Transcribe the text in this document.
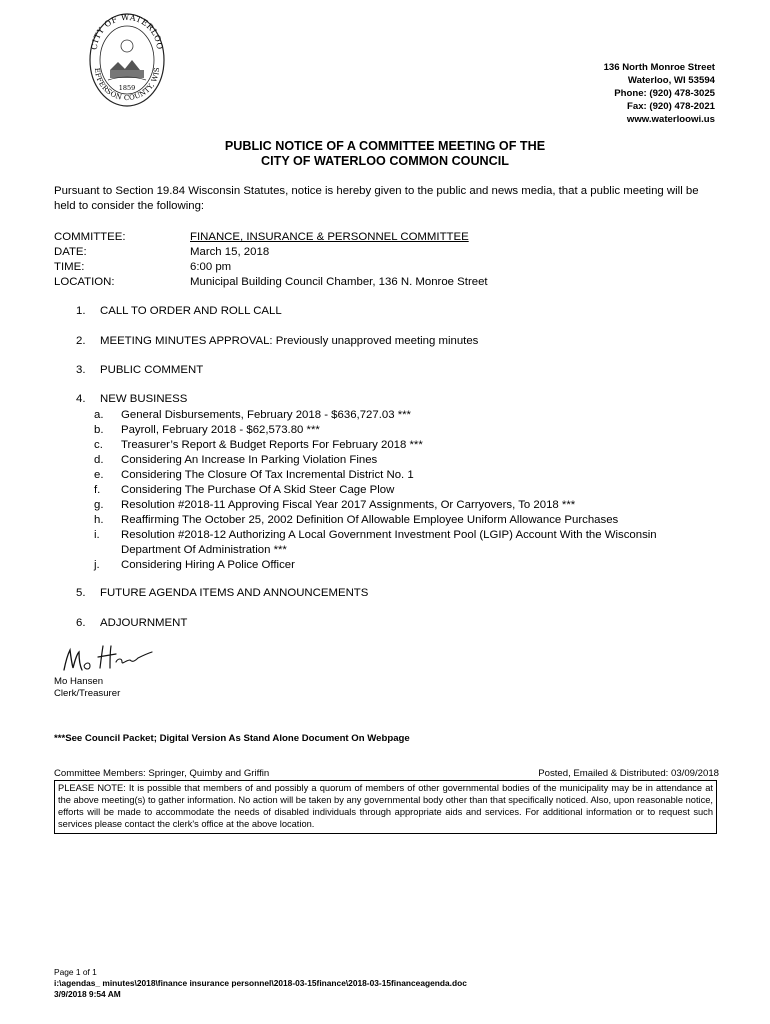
CITY OF WATERLOO
EFFERSON COUNTY, WIS
1859
136 North Monroe Street
Waterloo, WI 53594
Phone: (920) 478-3025
Fax: (920) 478-2021
www.waterloowi.us
PUBLIC NOTICE OF A COMMITTEE MEETING OF THE
CITY OF WATERLOO COMMON COUNCIL
Pursuant to Section 19.84 Wisconsin Statutes, notice is hereby given to the public and news media, that a public meeting will be held to consider the following:
COMMITTEE:	FINANCE, INSURANCE & PERSONNEL COMMITTEE
DATE:	March 15, 2018
TIME:	6:00 pm
LOCATION:	Municipal Building Council Chamber, 136 N. Monroe Street
1.	CALL TO ORDER AND ROLL CALL
2.	MEETING MINUTES APPROVAL: Previously unapproved meeting minutes
3.	PUBLIC COMMENT
4.	NEW BUSINESS
5.	FUTURE AGENDA ITEMS AND ANNOUNCEMENTS
6.	ADJOURNMENT
a.	General Disbursements, February 2018 - $636,727.03 ***
b.	Payroll, February 2018 - $62,573.80 ***
c.	Treasurer’s Report & Budget Reports For February 2018 ***
d.	Considering An Increase In Parking Violation Fines
e.	Considering The Closure Of Tax Incremental District No. 1
f.	Considering The Purchase Of A Skid Steer Cage Plow
g.	Resolution #2018-11 Approving Fiscal Year 2017 Assignments, Or Carryovers, To 2018 ***
h.	Reaffirming The October 25, 2002 Definition Of Allowable Employee Uniform Allowance Purchases
i.	Resolution #2018-12 Authorizing A Local Government Investment Pool (LGIP) Account With the Wisconsin Department Of Administration ***
j.	Considering Hiring A Police Officer
Mo Hansen
Clerk/Treasurer
***See Council Packet; Digital Version As Stand Alone Document On Webpage
Committee Members: Springer, Quimby and Griffin	Posted, Emailed & Distributed: 03/09/2018
PLEASE NOTE: It is possible that members of and possibly a quorum of members of other governmental bodies of the municipality may be in attendance at the above meeting(s) to gather information. No action will be taken by any governmental body other than that specifically noticed. Also, upon reasonable notice, efforts will be made to accommodate the needs of disabled individuals through appropriate aids and services. For additional information or to request such services please contact the clerk's office at the above location.
Page 1 of 1
i:\agendas_ minutes\2018\finance insurance personnel\2018-03-15finance\2018-03-15financeagenda.doc
3/9/2018 9:54 AM
